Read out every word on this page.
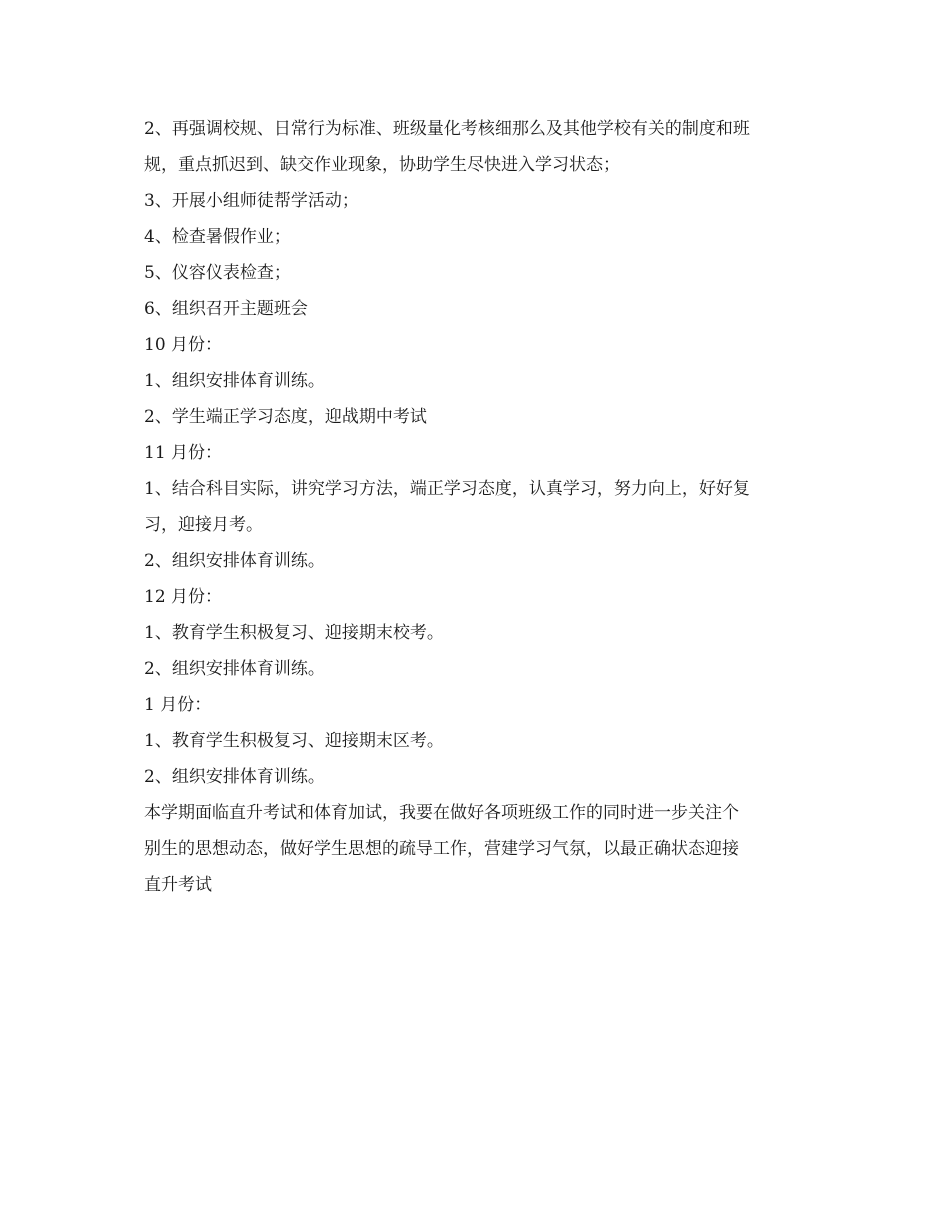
2、再强调校规、日常行为标准、班级量化考核细那么及其他学校有关的制度和班

规，重点抓迟到、缺交作业现象，协助学生尽快进入学习状态；

3、开展小组师徒帮学活动；

4、检查暑假作业；

5、仪容仪表检查；

6、组织召开主题班会

10 月份：

1、组织安排体育训练。

2、学生端正学习态度，迎战期中考试

11 月份：

1、结合科目实际，讲究学习方法，端正学习态度，认真学习，努力向上，好好复

习，迎接月考。

2、组织安排体育训练。

12 月份：

1、教育学生积极复习、迎接期末校考。

2、组织安排体育训练。

1 月份：

1、教育学生积极复习、迎接期末区考。

2、组织安排体育训练。

本学期面临直升考试和体育加试，我要在做好各项班级工作的同时进一步关注个

别生的思想动态，做好学生思想的疏导工作，营建学习气氛，以最正确状态迎接

直升考试
